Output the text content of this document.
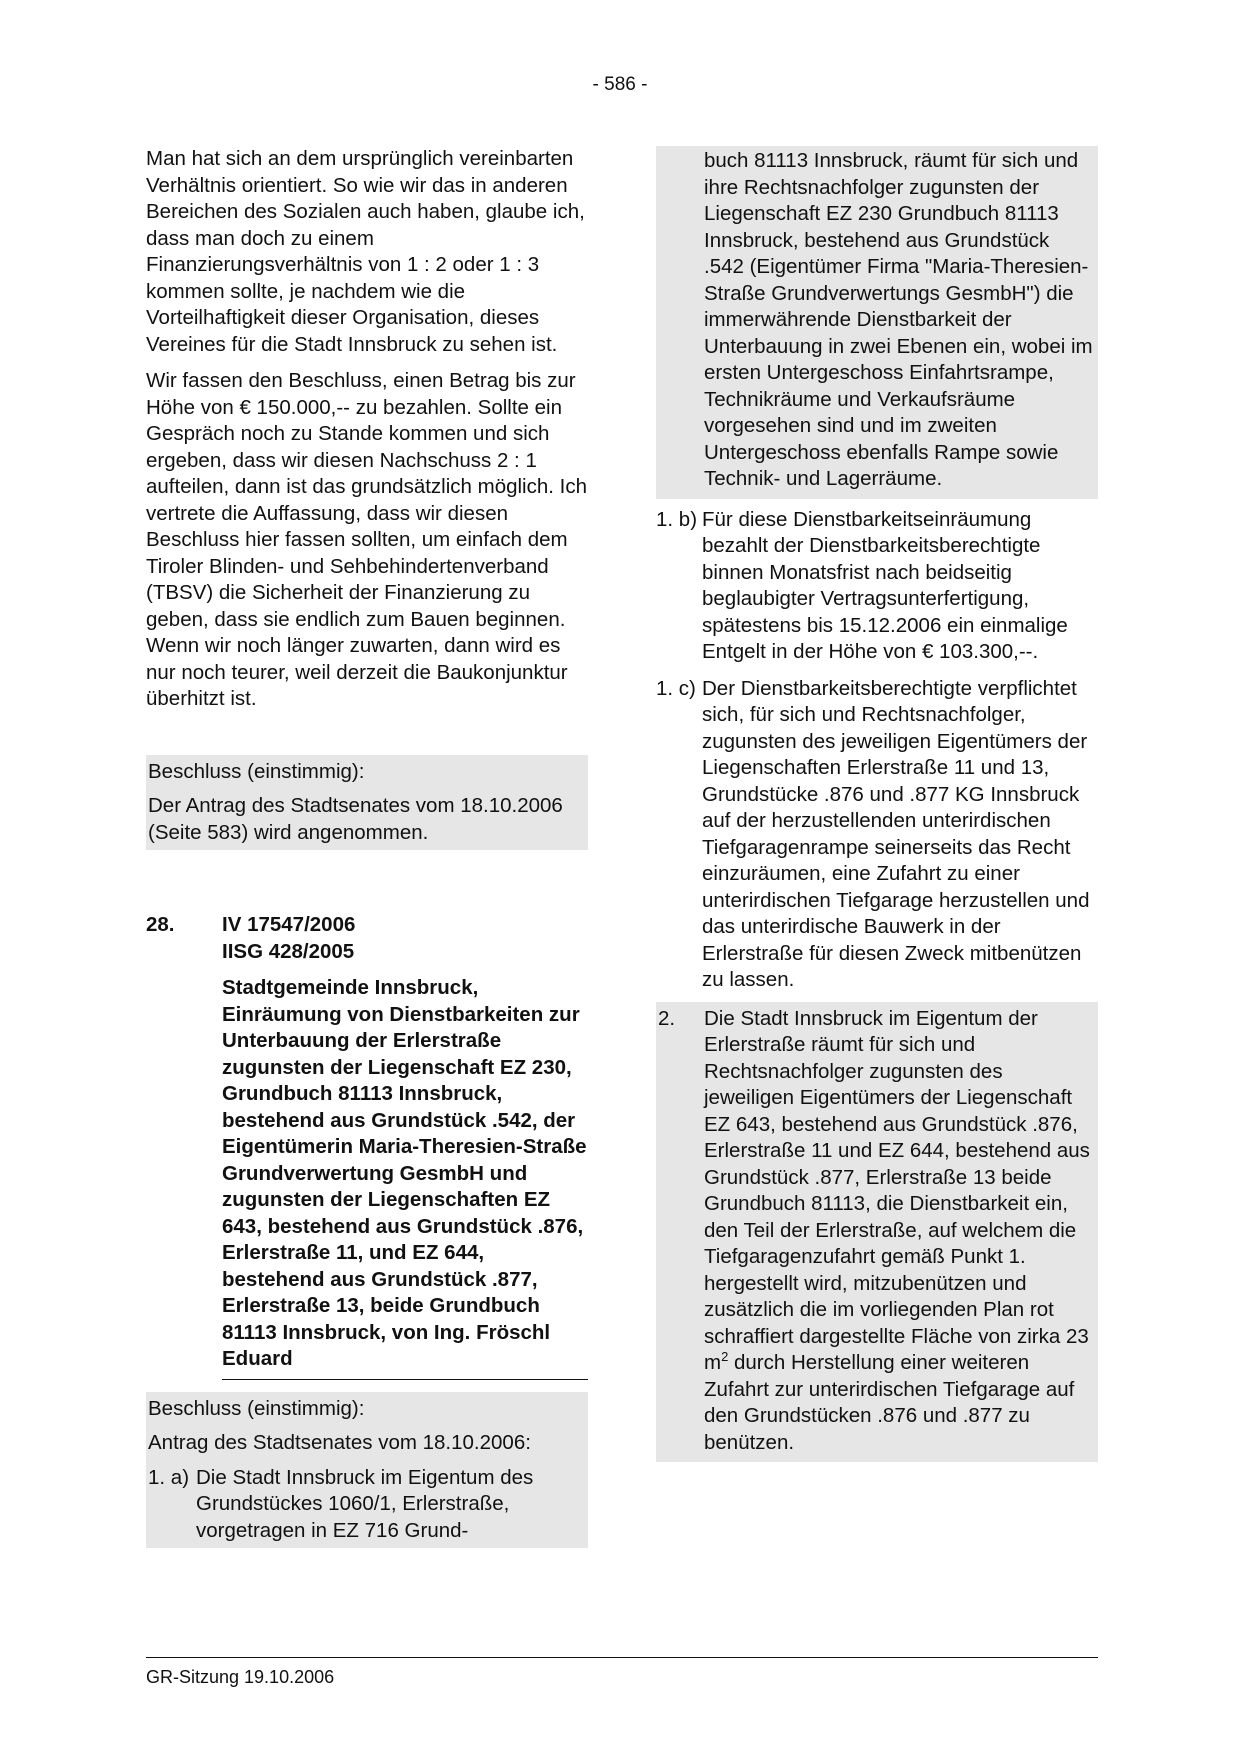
- 586 -

Man hat sich an dem ursprünglich vereinbarten Verhältnis orientiert. So wie wir das in anderen Bereichen des Sozialen auch haben, glaube ich, dass man doch zu einem Finanzierungsverhältnis von 1 : 2 oder 1 : 3 kommen sollte, je nachdem wie die Vorteilhaftigkeit dieser Organisation, dieses Vereines für die Stadt Innsbruck zu sehen ist.

Wir fassen den Beschluss, einen Betrag bis zur Höhe von € 150.000,-- zu bezahlen. Sollte ein Gespräch noch zu Stande kommen und sich ergeben, dass wir diesen Nachschuss 2 : 1 aufteilen, dann ist das grundsätzlich möglich. Ich vertrete die Auffassung, dass wir diesen Beschluss hier fassen sollten, um einfach dem Tiroler Blinden- und Sehbehindertenverband (TBSV) die Sicherheit der Finanzierung zu geben, dass sie endlich zum Bauen beginnen. Wenn wir noch länger zuwarten, dann wird es nur noch teurer, weil derzeit die Baukonjunktur überhitzt ist.

Beschluss (einstimmig):

Der Antrag des Stadtsenates vom 18.10.2006 (Seite 583) wird angenommen.

28.	IV 17547/2006
IISG 428/2005

Stadtgemeinde Innsbruck, Einräumung von Dienstbarkeiten zur Unterbauung der Erlerstraße zugunsten der Liegenschaft EZ 230, Grundbuch 81113 Innsbruck, bestehend aus Grundstück .542, der Eigentümerin Maria-Theresien-Straße Grundverwertung GesmbH und zugunsten der Liegenschaften EZ 643, bestehend aus Grundstück .876, Erlerstraße 11, und EZ 644, bestehend aus Grundstück .877, Erlerstraße 13, beide Grundbuch 81113 Innsbruck, von Ing. Fröschl Eduard

Beschluss (einstimmig):

Antrag des Stadtsenates vom 18.10.2006:

1. a) Die Stadt Innsbruck im Eigentum des Grundstückes 1060/1, Erlerstraße, vorgetragen in EZ 716 Grund-

buch 81113 Innsbruck, räumt für sich und ihre Rechtsnachfolger zugunsten der Liegenschaft EZ 230 Grundbuch 81113 Innsbruck, bestehend aus Grundstück .542 (Eigentümer Firma "Maria-Theresien-Straße Grundverwertungs GesmbH") die immerwährende Dienstbarkeit der Unterbauung in zwei Ebenen ein, wobei im ersten Untergeschoss Einfahrtsrampe, Technikräume und Verkaufsräume vorgesehen sind und im zweiten Untergeschoss ebenfalls Rampe sowie Technik- und Lagerräume.

1. b) Für diese Dienstbarkeitseinräumung bezahlt der Dienstbarkeitsberechtigte binnen Monatsfrist nach beidseitig beglaubigter Vertragsunterfertigung, spätestens bis 15.12.2006 ein einmalige Entgelt in der Höhe von € 103.300,--.
1. c) Der Dienstbarkeitsberechtigte verpflichtet sich, für sich und Rechtsnachfolger, zugunsten des jeweiligen Eigentümers der Liegenschaften Erlerstraße 11 und 13, Grundstücke .876 und .877 KG Innsbruck auf der herzustellenden unterirdischen Tiefgaragenrampe seinerseits das Recht einzuräumen, eine Zufahrt zu einer unterirdischen Tiefgarage herzustellen und das unterirdische Bauwerk in der Erlerstraße für diesen Zweck mitbenützen zu lassen.
2.	Die Stadt Innsbruck im Eigentum der Erlerstraße räumt für sich und Rechtsnachfolger zugunsten des jeweiligen Eigentümers der Liegenschaft EZ 643, bestehend aus Grundstück .876, Erlerstraße 11 und EZ 644, bestehend aus Grundstück .877, Erlerstraße 13 beide Grundbuch 81113, die Dienstbarkeit ein, den Teil der Erlerstraße, auf welchem die Tiefgaragenzufahrt gemäß Punkt 1. hergestellt wird, mitzubenützen und zusätzlich die im vorliegenden Plan rot schraffiert dargestellte Fläche von zirka 23 $m^2$ durch Herstellung einer weiteren Zufahrt zur unterirdischen Tiefgarage auf den Grundstücken .876 und .877 zu benützen.
GR-Sitzung 19.10.2006
